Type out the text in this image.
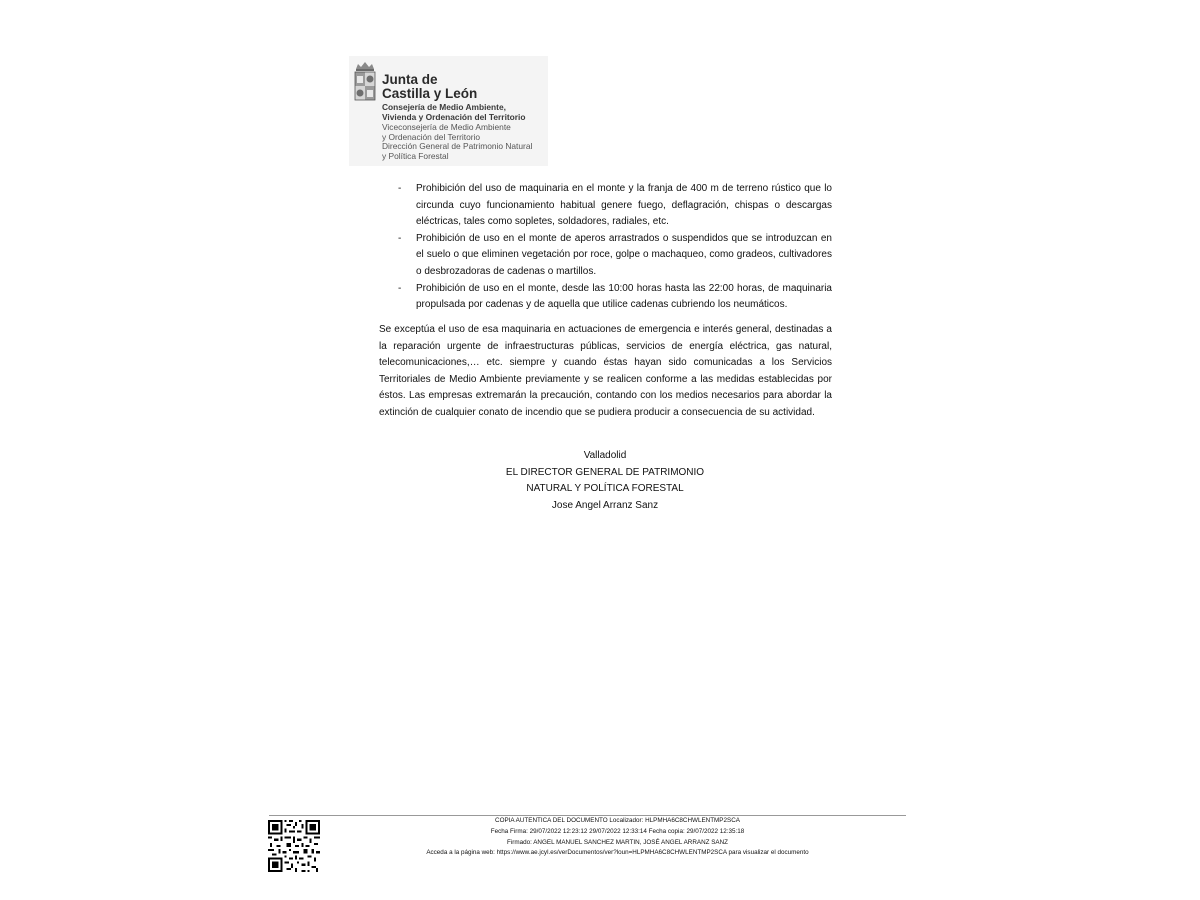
Junta de
Castilla y León
Consejería de Medio Ambiente,
Vivienda y Ordenación del Territorio
Viceconsejería de Medio Ambiente
y Ordenación del Territorio
Dirección General de Patrimonio Natural
y Política Forestal
- Prohibición del uso de maquinaria en el monte y la franja de 400 m de terreno rústico que lo circunda cuyo funcionamiento habitual genere fuego, deflagración, chispas o descargas eléctricas, tales como sopletes, soldadores, radiales, etc.
- Prohibición de uso en el monte de aperos arrastrados o suspendidos que se introduzcan en el suelo o que eliminen vegetación por roce, golpe o machaqueo, como gradeos, cultivadores o desbrozadoras de cadenas o martillos.
- Prohibición de uso en el monte, desde las 10:00 horas hasta las 22:00 horas, de maquinaria propulsada por cadenas y de aquella que utilice cadenas cubriendo los neumáticos.

Se exceptúa el uso de esa maquinaria en actuaciones de emergencia e interés general, destinadas a la reparación urgente de infraestructuras públicas, servicios de energía eléctrica, gas natural, telecomunicaciones,… etc. siempre y cuando éstas hayan sido comunicadas a los Servicios Territoriales de Medio Ambiente previamente y se realicen conforme a las medidas establecidas por éstos. Las empresas extremarán la precaución, contando con los medios necesarios para abordar la extinción de cualquier conato de incendio que se pudiera producir a consecuencia de su actividad.

Valladolid
EL DIRECTOR GENERAL DE PATRIMONIO
NATURAL Y POLÍTICA FORESTAL
Jose Angel Arranz Sanz
COPIA AUTENTICA DEL DOCUMENTO Localizador: HLPMHA6C8CHWLENTMP2SCA
Fecha Firma: 29/07/2022 12:23:12 29/07/2022 12:33:14 Fecha copia: 29/07/2022 12:35:18
Firmado: ANGEL MANUEL SANCHEZ MARTIN, JOSÉ ANGEL ARRANZ SANZ
Acceda a la página web: https://www.ae.jcyl.es/verDocumentos/ver?loun=HLPMHA6C8CHWLENTMP2SCA para visualizar el documento
